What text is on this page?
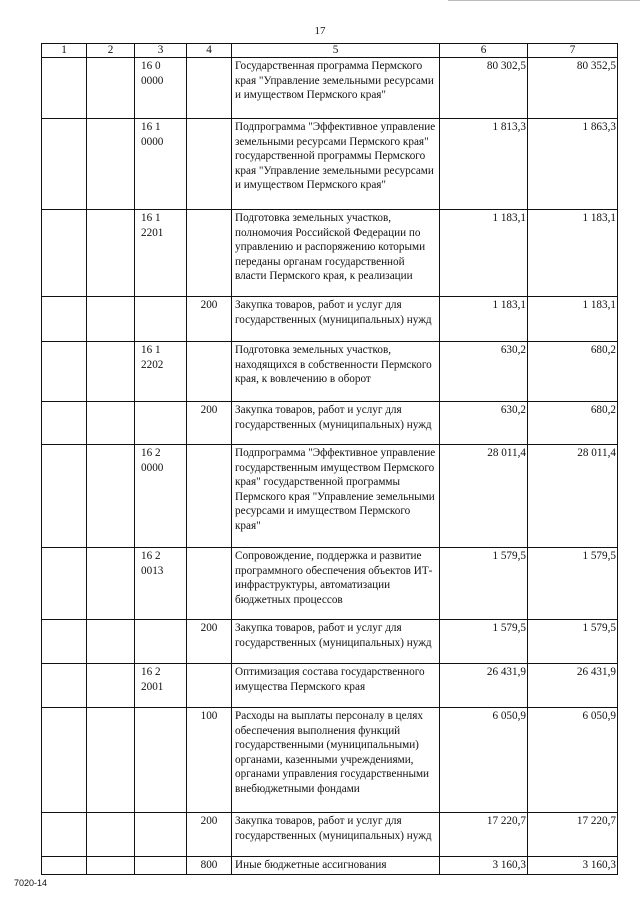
17
1	2	3	4	5	6	7
		16 0 0000		Государственная программа Пермского края "Управление земельными ресурсами и имуществом Пермского края"	80 302,5	80 352,5
		16 1 0000		Подпрограмма "Эффективное управление земельными ресурсами Пермского края" государственной программы Пермского края "Управление земельными ресурсами и имуществом Пермского края"	1 813,3	1 863,3
		16 1 2201		Подготовка земельных участков, полномочия Российской Федерации по управлению и распоряжению которыми переданы органам государственной власти Пермского края, к реализации	1 183,1	1 183,1
			200	Закупка товаров, работ и услуг для государственных (муниципальных) нужд	1 183,1	1 183,1
		16 1 2202		Подготовка земельных участков, находящихся в собственности Пермского края, к вовлечению в оборот	630,2	680,2
			200	Закупка товаров, работ и услуг для государственных (муниципальных) нужд	630,2	680,2
		16 2 0000		Подпрограмма "Эффективное управление государственным имуществом Пермского края" государственной программы Пермского края "Управление земельными ресурсами и имуществом Пермского края"	28 011,4	28 011,4
		16 2 0013		Сопровождение, поддержка и развитие программного обеспечения объектов ИТ-инфраструктуры, автоматизации бюджетных процессов	1 579,5	1 579,5
			200	Закупка товаров, работ и услуг для государственных (муниципальных) нужд	1 579,5	1 579,5
		16 2 2001		Оптимизация состава государственного имущества Пермского края	26 431,9	26 431,9
			100	Расходы на выплаты персоналу в целях обеспечения выполнения функций государственными (муниципальными) органами, казенными учреждениями, органами управления государственными внебюджетными фондами	6 050,9	6 050,9
			200	Закупка товаров, работ и услуг для государственных (муниципальных) нужд	17 220,7	17 220,7
			800	Иные бюджетные ассигнования	3 160,3	3 160,3
7020-14
